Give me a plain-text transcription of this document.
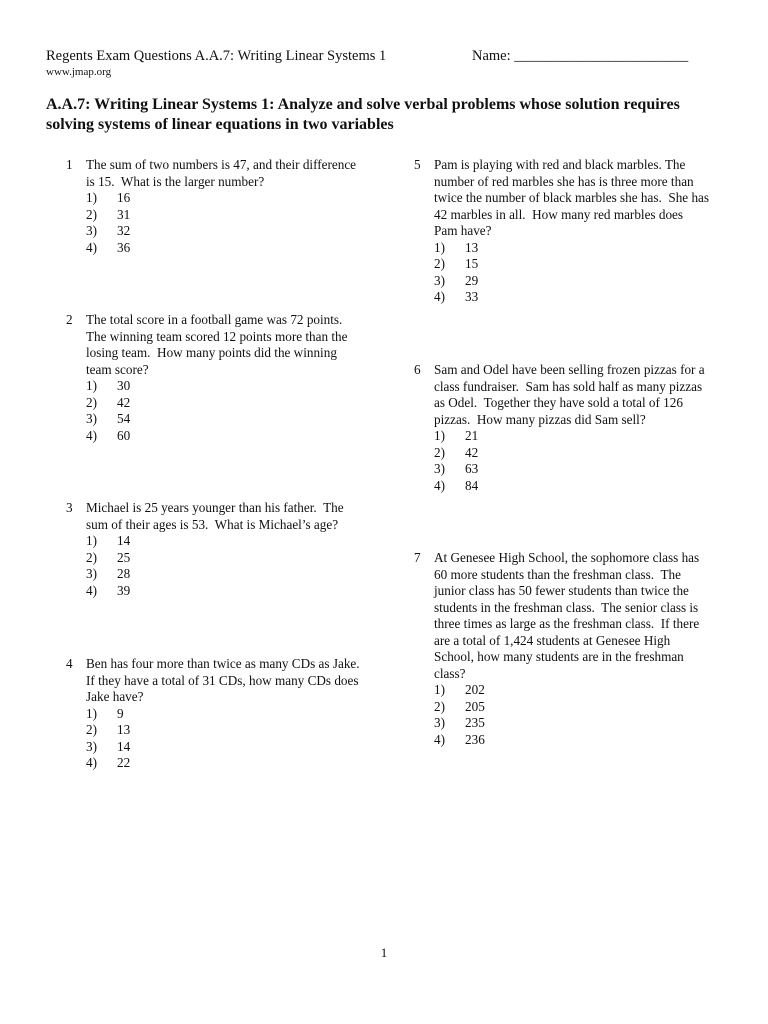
Regents Exam Questions A.A.7: Writing Linear Systems 1	Name: ________________________
www.jmap.org
A.A.7: Writing Linear Systems 1: Analyze and solve verbal problems whose solution requires solving systems of linear equations in two variables
1 The sum of two numbers is 47, and their difference
is 15.  What is the larger number?
1) 16
2) 31
3) 32
4) 36
2 The total score in a football game was 72 points.
The winning team scored 12 points more than the
losing team.  How many points did the winning
team score?
1) 30
2) 42
3) 54
4) 60
3 Michael is 25 years younger than his father.  The
sum of their ages is 53.  What is Michael’s age?
1) 14
2) 25
3) 28
4) 39
4 Ben has four more than twice as many CDs as Jake.
If they have a total of 31 CDs, how many CDs does
Jake have?
1) 9
2) 13
3) 14
4) 22
5 Pam is playing with red and black marbles. The
number of red marbles she has is three more than
twice the number of black marbles she has.  She has
42 marbles in all.  How many red marbles does
Pam have?
1) 13
2) 15
3) 29
4) 33
6 Sam and Odel have been selling frozen pizzas for a
class fundraiser.  Sam has sold half as many pizzas
as Odel.  Together they have sold a total of 126
pizzas.  How many pizzas did Sam sell?
1) 21
2) 42
3) 63
4) 84
7 At Genesee High School, the sophomore class has
60 more students than the freshman class.  The
junior class has 50 fewer students than twice the
students in the freshman class.  The senior class is
three times as large as the freshman class.  If there
are a total of 1,424 students at Genesee High
School, how many students are in the freshman
class?
1) 202
2) 205
3) 235
4) 236
1
